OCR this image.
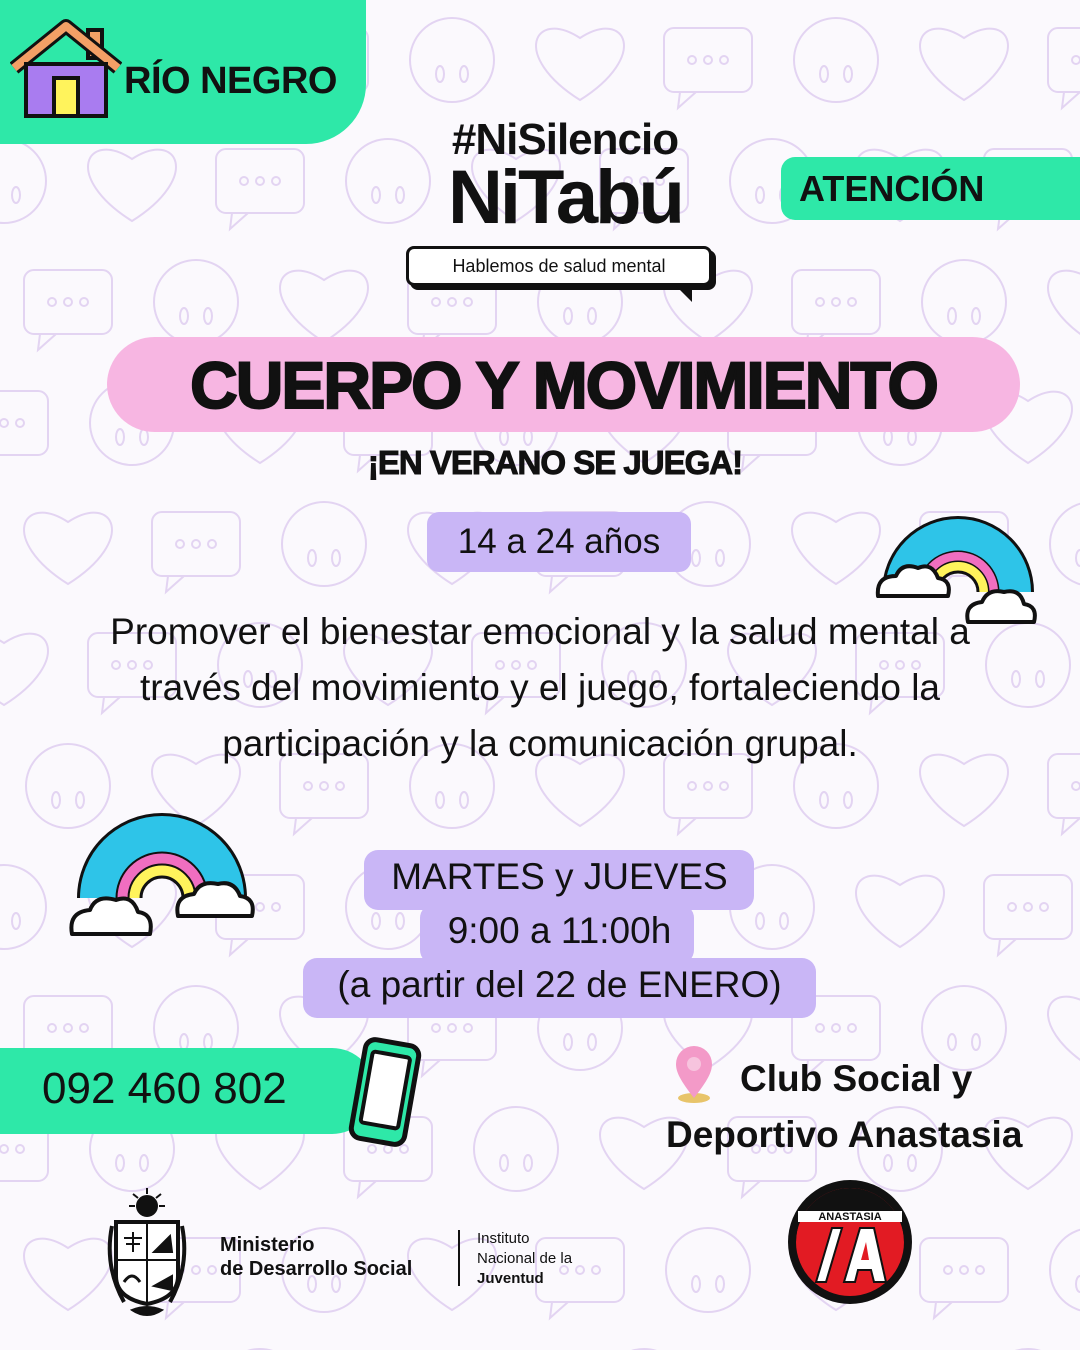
RÍO NEGRO
#NiSilencio
NiTabú
Hablemos de salud mental
ATENCIÓN
CUERPO Y MOVIMIENTO
¡EN VERANO SE JUEGA!
14 a 24 años
Promover el bienestar emocional y la salud mental a través del movimiento y el juego, fortaleciendo la participación y la comunicación grupal.
MARTES y JUEVES
9:00 a 11:00h
(a partir del 22 de ENERO)
092 460 802	Club Social y
Deportivo Anastasia
Ministerio
de Desarrollo Social
Instituto
Nacional de la
Juventud
ANASTASIA
